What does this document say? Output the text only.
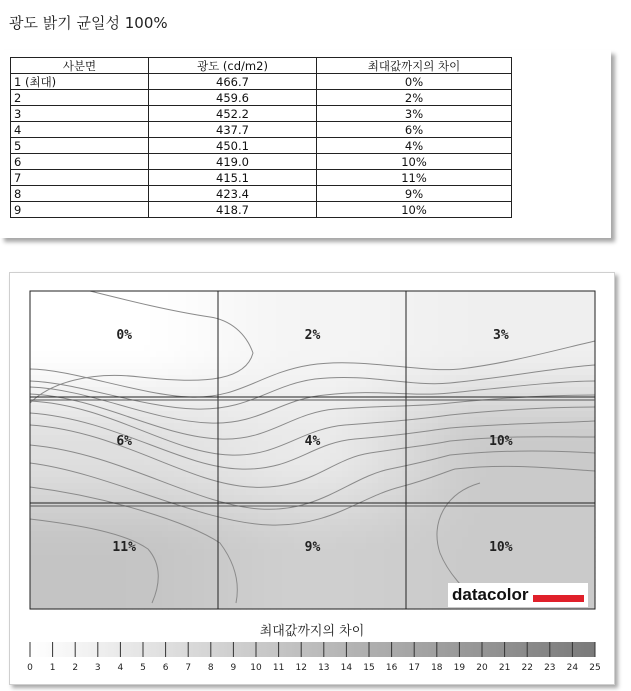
광도 밝기 균일성 100%
사분면	광도 (cd/m2)	최대값까지의 차이
1 (최대)	466.7	0%
2	459.6	2%
3	452.2	3%
4	437.7	6%
5	450.1	4%
6	419.0	10%
7	415.1	11%
8	423.4	9%
9	418.7	10%
0%	2%	3%
6%	4%	10%
11%	9%	10%
datacolor
최대값까지의 차이
0 1 2 3 4 5 6 7 8 9 10 11 12 13 14 15 16 17 18 19 20 21 22 23 24 25
